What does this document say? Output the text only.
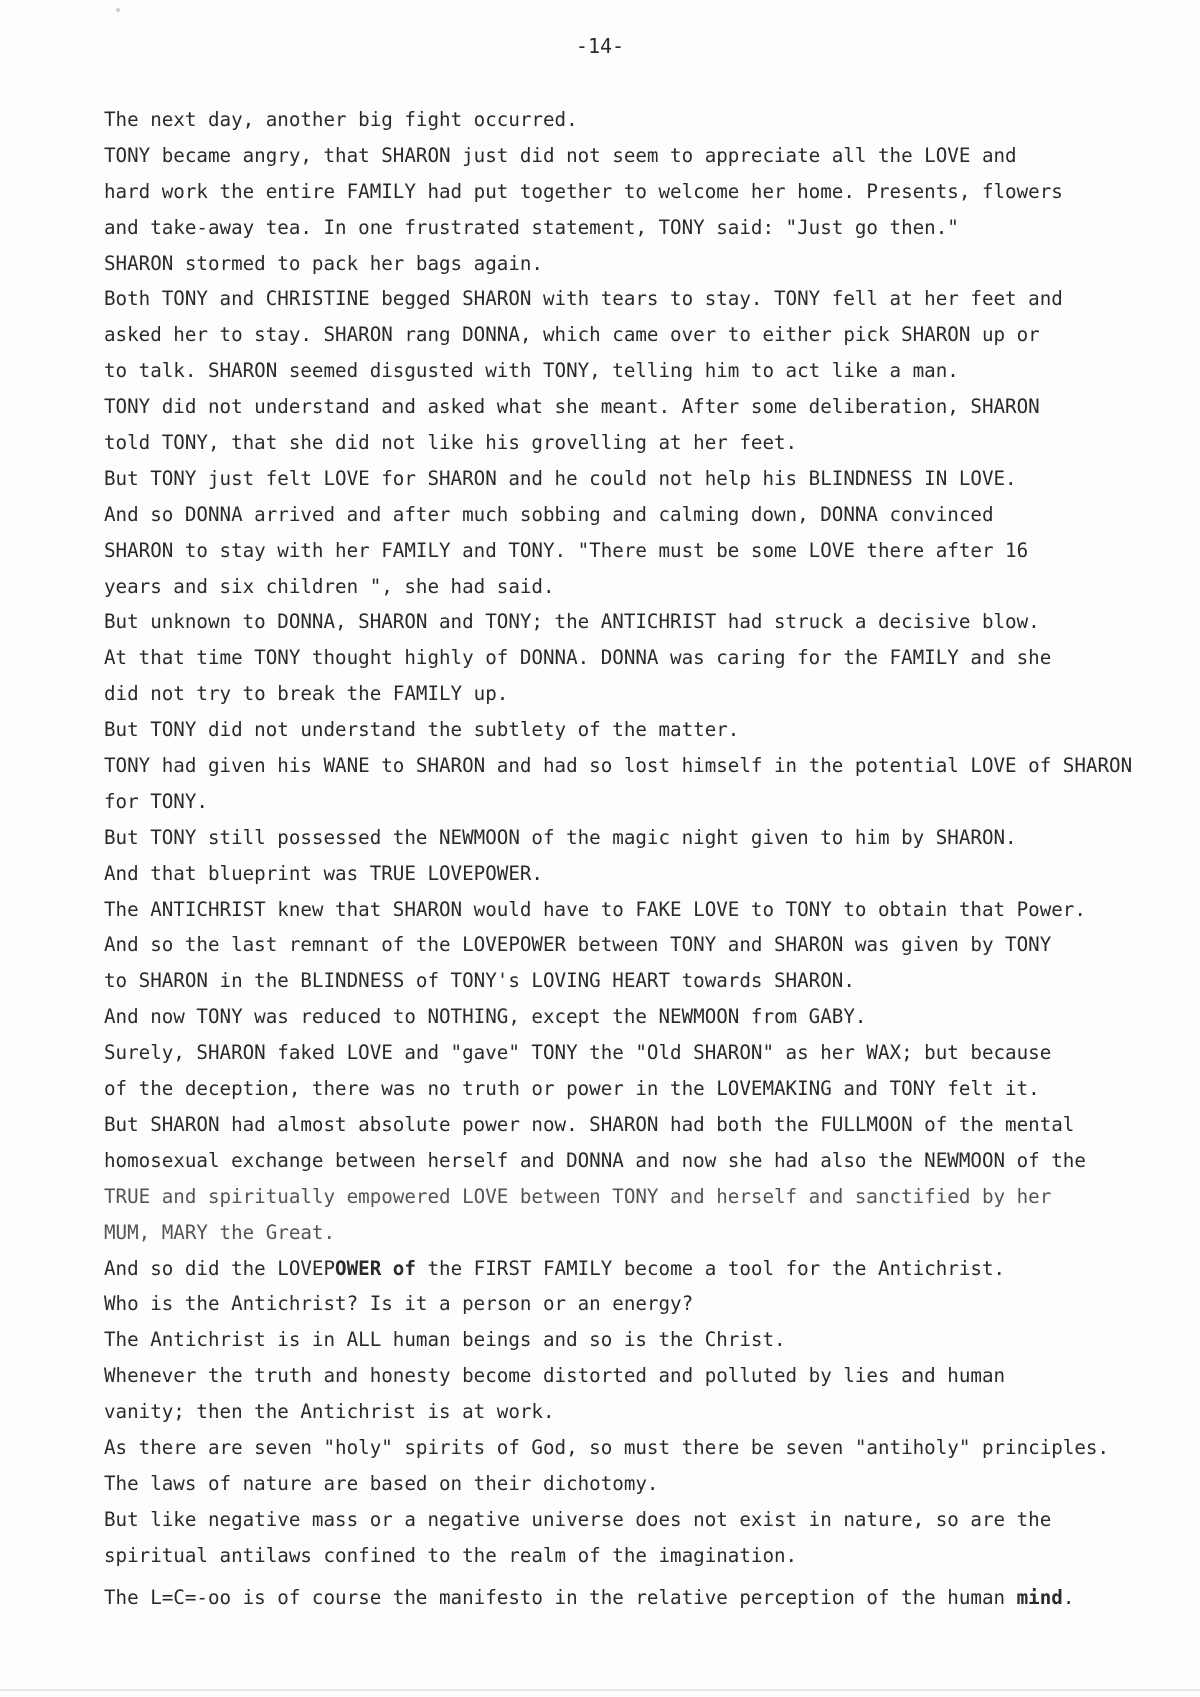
-14-
The next day, another big fight occurred.
TONY became angry, that SHARON just did not seem to appreciate all the LOVE and
hard work the entire FAMILY had put together to welcome her home. Presents, flowers
and take-away tea. In one frustrated statement, TONY said: "Just go then."
SHARON stormed to pack her bags again.
Both TONY and CHRISTINE begged SHARON with tears to stay. TONY fell at her feet and
asked her to stay. SHARON rang DONNA, which came over to either pick SHARON up or
to talk. SHARON seemed disgusted with TONY, telling him to act like a man.
TONY did not understand and asked what she meant. After some deliberation, SHARON
told TONY, that she did not like his grovelling at her feet.
But TONY just felt LOVE for SHARON and he could not help his BLINDNESS IN LOVE.
And so DONNA arrived and after much sobbing and calming down, DONNA convinced
SHARON to stay with her FAMILY and TONY. "There must be some LOVE there after 16
years and six children ", she had said.
But unknown to DONNA, SHARON and TONY; the ANTICHRIST had struck a decisive blow.
At that time TONY thought highly of DONNA. DONNA was caring for the FAMILY and she
did not try to break the FAMILY up.
But TONY did not understand the subtlety of the matter.
TONY had given his WANE to SHARON and had so lost himself in the potential LOVE of SHARON
for TONY.
But TONY still possessed the NEWMOON of the magic night given to him by SHARON.
And that blueprint was TRUE LOVEPOWER.
The ANTICHRIST knew that SHARON would have to FAKE LOVE to TONY to obtain that Power.
And so the last remnant of the LOVEPOWER between TONY and SHARON was given by TONY
to SHARON in the BLINDNESS of TONY's LOVING HEART towards SHARON.
And now TONY was reduced to NOTHING, except the NEWMOON from GABY.
Surely, SHARON faked LOVE and "gave" TONY the "Old SHARON" as her WAX; but because
of the deception, there was no truth or power in the LOVEMAKING and TONY felt it.
But SHARON had almost absolute power now. SHARON had both the FULLMOON of the mental
homosexual exchange between herself and DONNA and now she had also the NEWMOON of the
TRUE and spiritually empowered LOVE between TONY and herself and sanctified by her
MUM, MARY the Great.
And so did the LOVEPOWER of the FIRST FAMILY become a tool for the Antichrist.
Who is the Antichrist? Is it a person or an energy?
The Antichrist is in ALL human beings and so is the Christ.
Whenever the truth and honesty become distorted and polluted by lies and human
vanity; then the Antichrist is at work.
As there are seven "holy" spirits of God, so must there be seven "antiholy" principles.
The laws of nature are based on their dichotomy.
But like negative mass or a negative universe does not exist in nature, so are the
spiritual antilaws confined to the realm of the imagination.
The L=C=-oo is of course the manifesto in the relative perception of the human mind.
